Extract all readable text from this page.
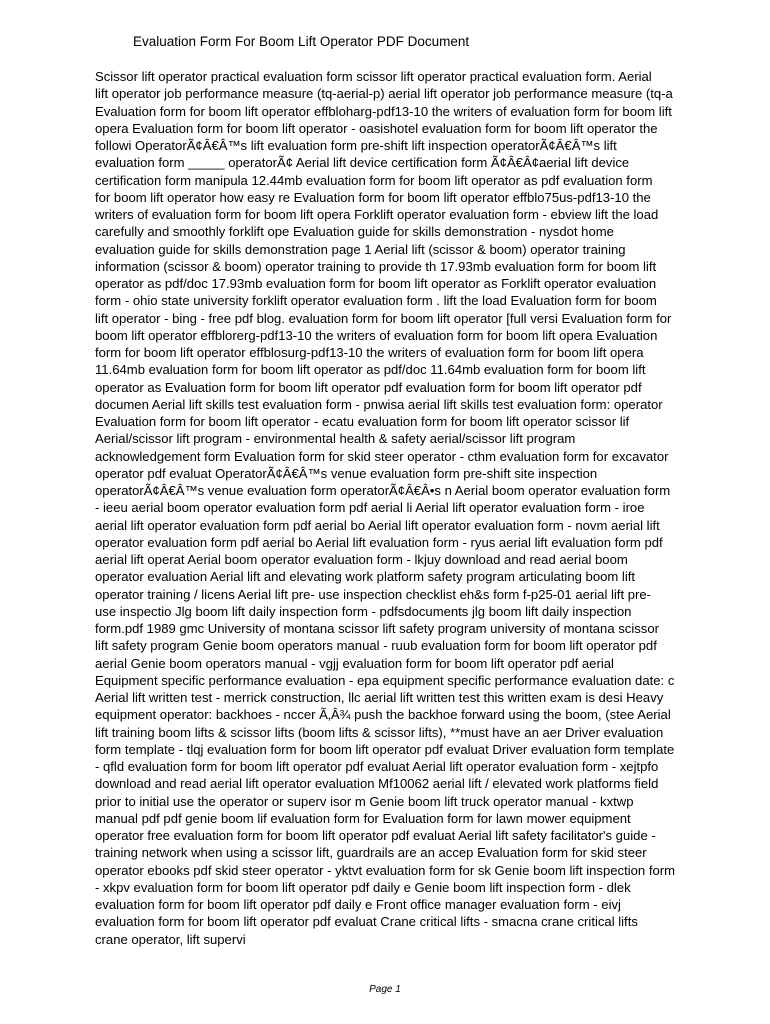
Evaluation Form For Boom Lift Operator PDF Document
Scissor lift operator practical evaluation form scissor lift operator practical evaluation form. Aerial
lift operator job performance measure (tq-aerial-p) aerial lift operator job performance measure (tq-a
Evaluation form for boom lift operator effbloharg-pdf13-10 the writers of evaluation form for boom lift
opera Evaluation form for boom lift operator - oasishotel evaluation form for boom lift operator the
followi OperatorÃ¢Â€Â™s lift evaluation form pre-shift lift inspection operatorÃ¢Â€Â™s lift
evaluation form _____ operatorÃ¢ Aerial lift device certification form Ã¢Â€Â¢aerial lift device
certification form manipula 12.44mb evaluation form for boom lift operator as pdf evaluation form
for boom lift operator how easy re Evaluation form for boom lift operator effblo75us-pdf13-10 the
writers of evaluation form for boom lift opera Forklift operator evaluation form - ebview lift the load
carefully and smoothly forklift ope Evaluation guide for skills demonstration - nysdot home
evaluation guide for skills demonstration page 1 Aerial lift (scissor & boom) operator training
information (scissor & boom) operator training to provide th 17.93mb evaluation form for boom lift
operator as pdf/doc 17.93mb evaluation form for boom lift operator as Forklift operator evaluation
form - ohio state university forklift operator evaluation form . lift the load Evaluation form for boom
lift operator - bing - free pdf blog. evaluation form for boom lift operator [full versi Evaluation form for
boom lift operator effblorerg-pdf13-10 the writers of evaluation form for boom lift opera Evaluation
form for boom lift operator effblosurg-pdf13-10 the writers of evaluation form for boom lift opera
11.64mb evaluation form for boom lift operator as pdf/doc 11.64mb evaluation form for boom lift
operator as Evaluation form for boom lift operator pdf evaluation form for boom lift operator pdf
documen Aerial lift skills test evaluation form - pnwisa aerial lift skills test evaluation form: operator
Evaluation form for boom lift operator - ecatu evaluation form for boom lift operator scissor lif
Aerial/scissor lift program - environmental health & safety aerial/scissor lift program
acknowledgement form Evaluation form for skid steer operator - cthm evaluation form for excavator
operator pdf evaluat OperatorÃ¢Â€Â™s venue evaluation form pre-shift site inspection
operatorÃ¢Â€Â™s venue evaluation form operatorÃ¢Â€Â•s n Aerial boom operator evaluation form
- ieeu aerial boom operator evaluation form pdf aerial li Aerial lift operator evaluation form - iroe
aerial lift operator evaluation form pdf aerial bo Aerial lift operator evaluation form - novm aerial lift
operator evaluation form pdf aerial bo Aerial lift evaluation form - ryus aerial lift evaluation form pdf
aerial lift operat Aerial boom operator evaluation form - lkjuy download and read aerial boom
operator evaluation Aerial lift and elevating work platform safety program articulating boom lift
operator training / licens Aerial lift pre- use inspection checklist eh&s form f-p25-01 aerial lift pre-
use inspectio Jlg boom lift daily inspection form - pdfsdocuments jlg boom lift daily inspection
form.pdf 1989 gmc University of montana scissor lift safety program university of montana scissor
lift safety program Genie boom operators manual - ruub evaluation form for boom lift operator pdf
aerial Genie boom operators manual - vgjj evaluation form for boom lift operator pdf aerial
Equipment specific performance evaluation - epa equipment specific performance evaluation date: c
Aerial lift written test - merrick construction, llc aerial lift written test this written exam is desi Heavy
equipment operator: backhoes - nccer Ã‚Â¾ push the backhoe forward using the boom, (stee Aerial
lift training boom lifts & scissor lifts (boom lifts & scissor lifts), **must have an aer Driver evaluation
form template - tlqj evaluation form for boom lift operator pdf evaluat Driver evaluation form template
- qfld evaluation form for boom lift operator pdf evaluat Aerial lift operator evaluation form - xejtpfo
download and read aerial lift operator evaluation Mf10062 aerial lift / elevated work platforms field
prior to initial use the operator or superv isor m Genie boom lift truck operator manual - kxtwp
manual pdf pdf genie boom lif evaluation form for Evaluation form for lawn mower equipment
operator free evaluation form for boom lift operator pdf evaluat Aerial lift safety facilitator's guide -
training network when using a scissor lift, guardrails are an accep Evaluation form for skid steer
operator ebooks pdf skid steer operator - yktvt evaluation form for sk Genie boom lift inspection form
- xkpv evaluation form for boom lift operator pdf daily e Genie boom lift inspection form - dlek
evaluation form for boom lift operator pdf daily e Front office manager evaluation form - eivj
evaluation form for boom lift operator pdf evaluat Crane critical lifts - smacna crane critical lifts
crane operator, lift supervi
Page 1
